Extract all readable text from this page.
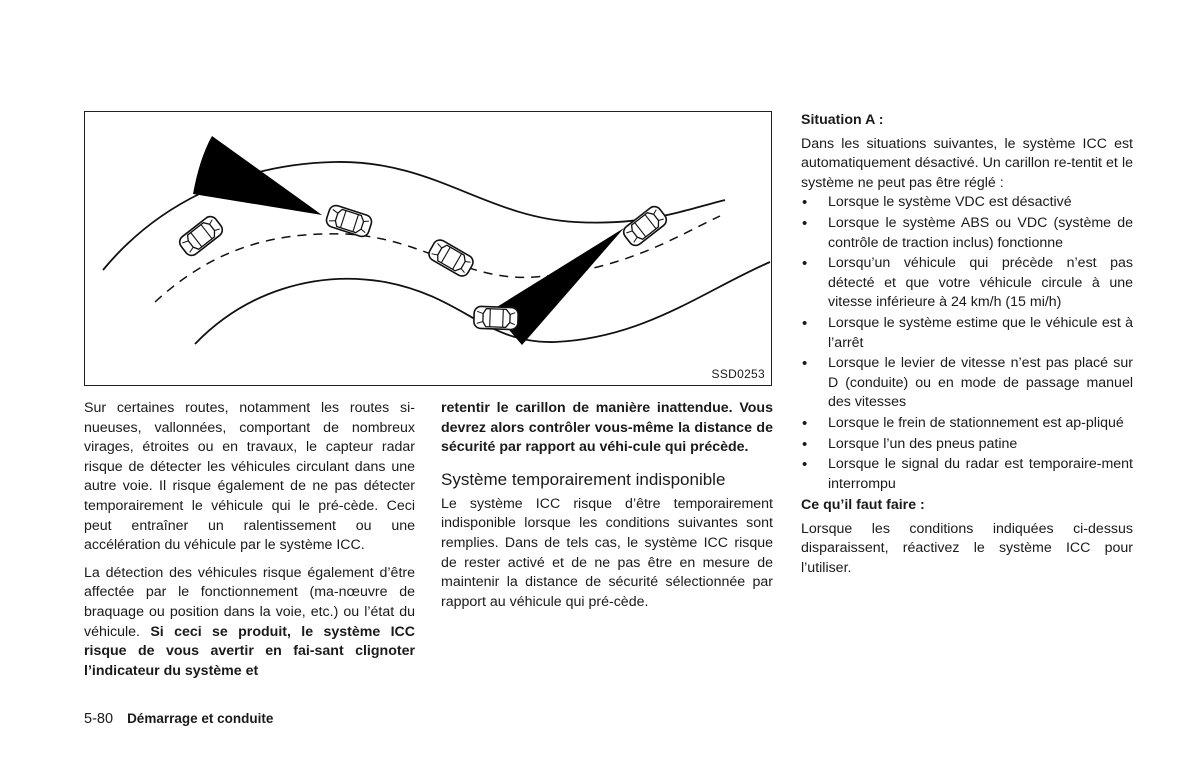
SSD0253

Sur certaines routes, notamment les routes si-nueuses, vallonnées, comportant de nombreux virages, étroites ou en travaux, le capteur radar risque de détecter les véhicules circulant dans une autre voie. Il risque également de ne pas détecter temporairement le véhicule qui le pré-cède. Ceci peut entraîner un ralentissement ou une accélération du véhicule par le système ICC.

La détection des véhicules risque également d’être affectée par le fonctionnement (ma-nœuvre de braquage ou position dans la voie, etc.) ou l’état du véhicule. Si ceci se produit, le système ICC risque de vous avertir en fai-sant clignoter l’indicateur du système et

retentir le carillon de manière inattendue. Vous devrez alors contrôler vous-même la distance de sécurité par rapport au véhi-cule qui précède.

Système temporairement indisponible

Le système ICC risque d’être temporairement indisponible lorsque les conditions suivantes sont remplies. Dans de tels cas, le système ICC risque de rester activé et de ne pas être en mesure de maintenir la distance de sécurité sélectionnée par rapport au véhicule qui pré-cède.

Situation A :

Dans les situations suivantes, le système ICC est automatiquement désactivé. Un carillon re-tentit et le système ne peut pas être réglé :

• Lorsque le système VDC est désactivé
• Lorsque le système ABS ou VDC (système de contrôle de traction inclus) fonctionne
• Lorsqu’un véhicule qui précède n’est pas détecté et que votre véhicule circule à une vitesse inférieure à 24 km/h (15 mi/h)
• Lorsque le système estime que le véhicule est à l’arrêt
• Lorsque le levier de vitesse n’est pas placé sur D (conduite) ou en mode de passage manuel des vitesses
• Lorsque le frein de stationnement est ap-pliqué
• Lorsque l’un des pneus patine
• Lorsque le signal du radar est temporaire-ment interrompu

Ce qu’il faut faire :

Lorsque les conditions indiquées ci-dessus disparaissent, réactivez le système ICC pour l’utiliser.

5-80 Démarrage et conduite
